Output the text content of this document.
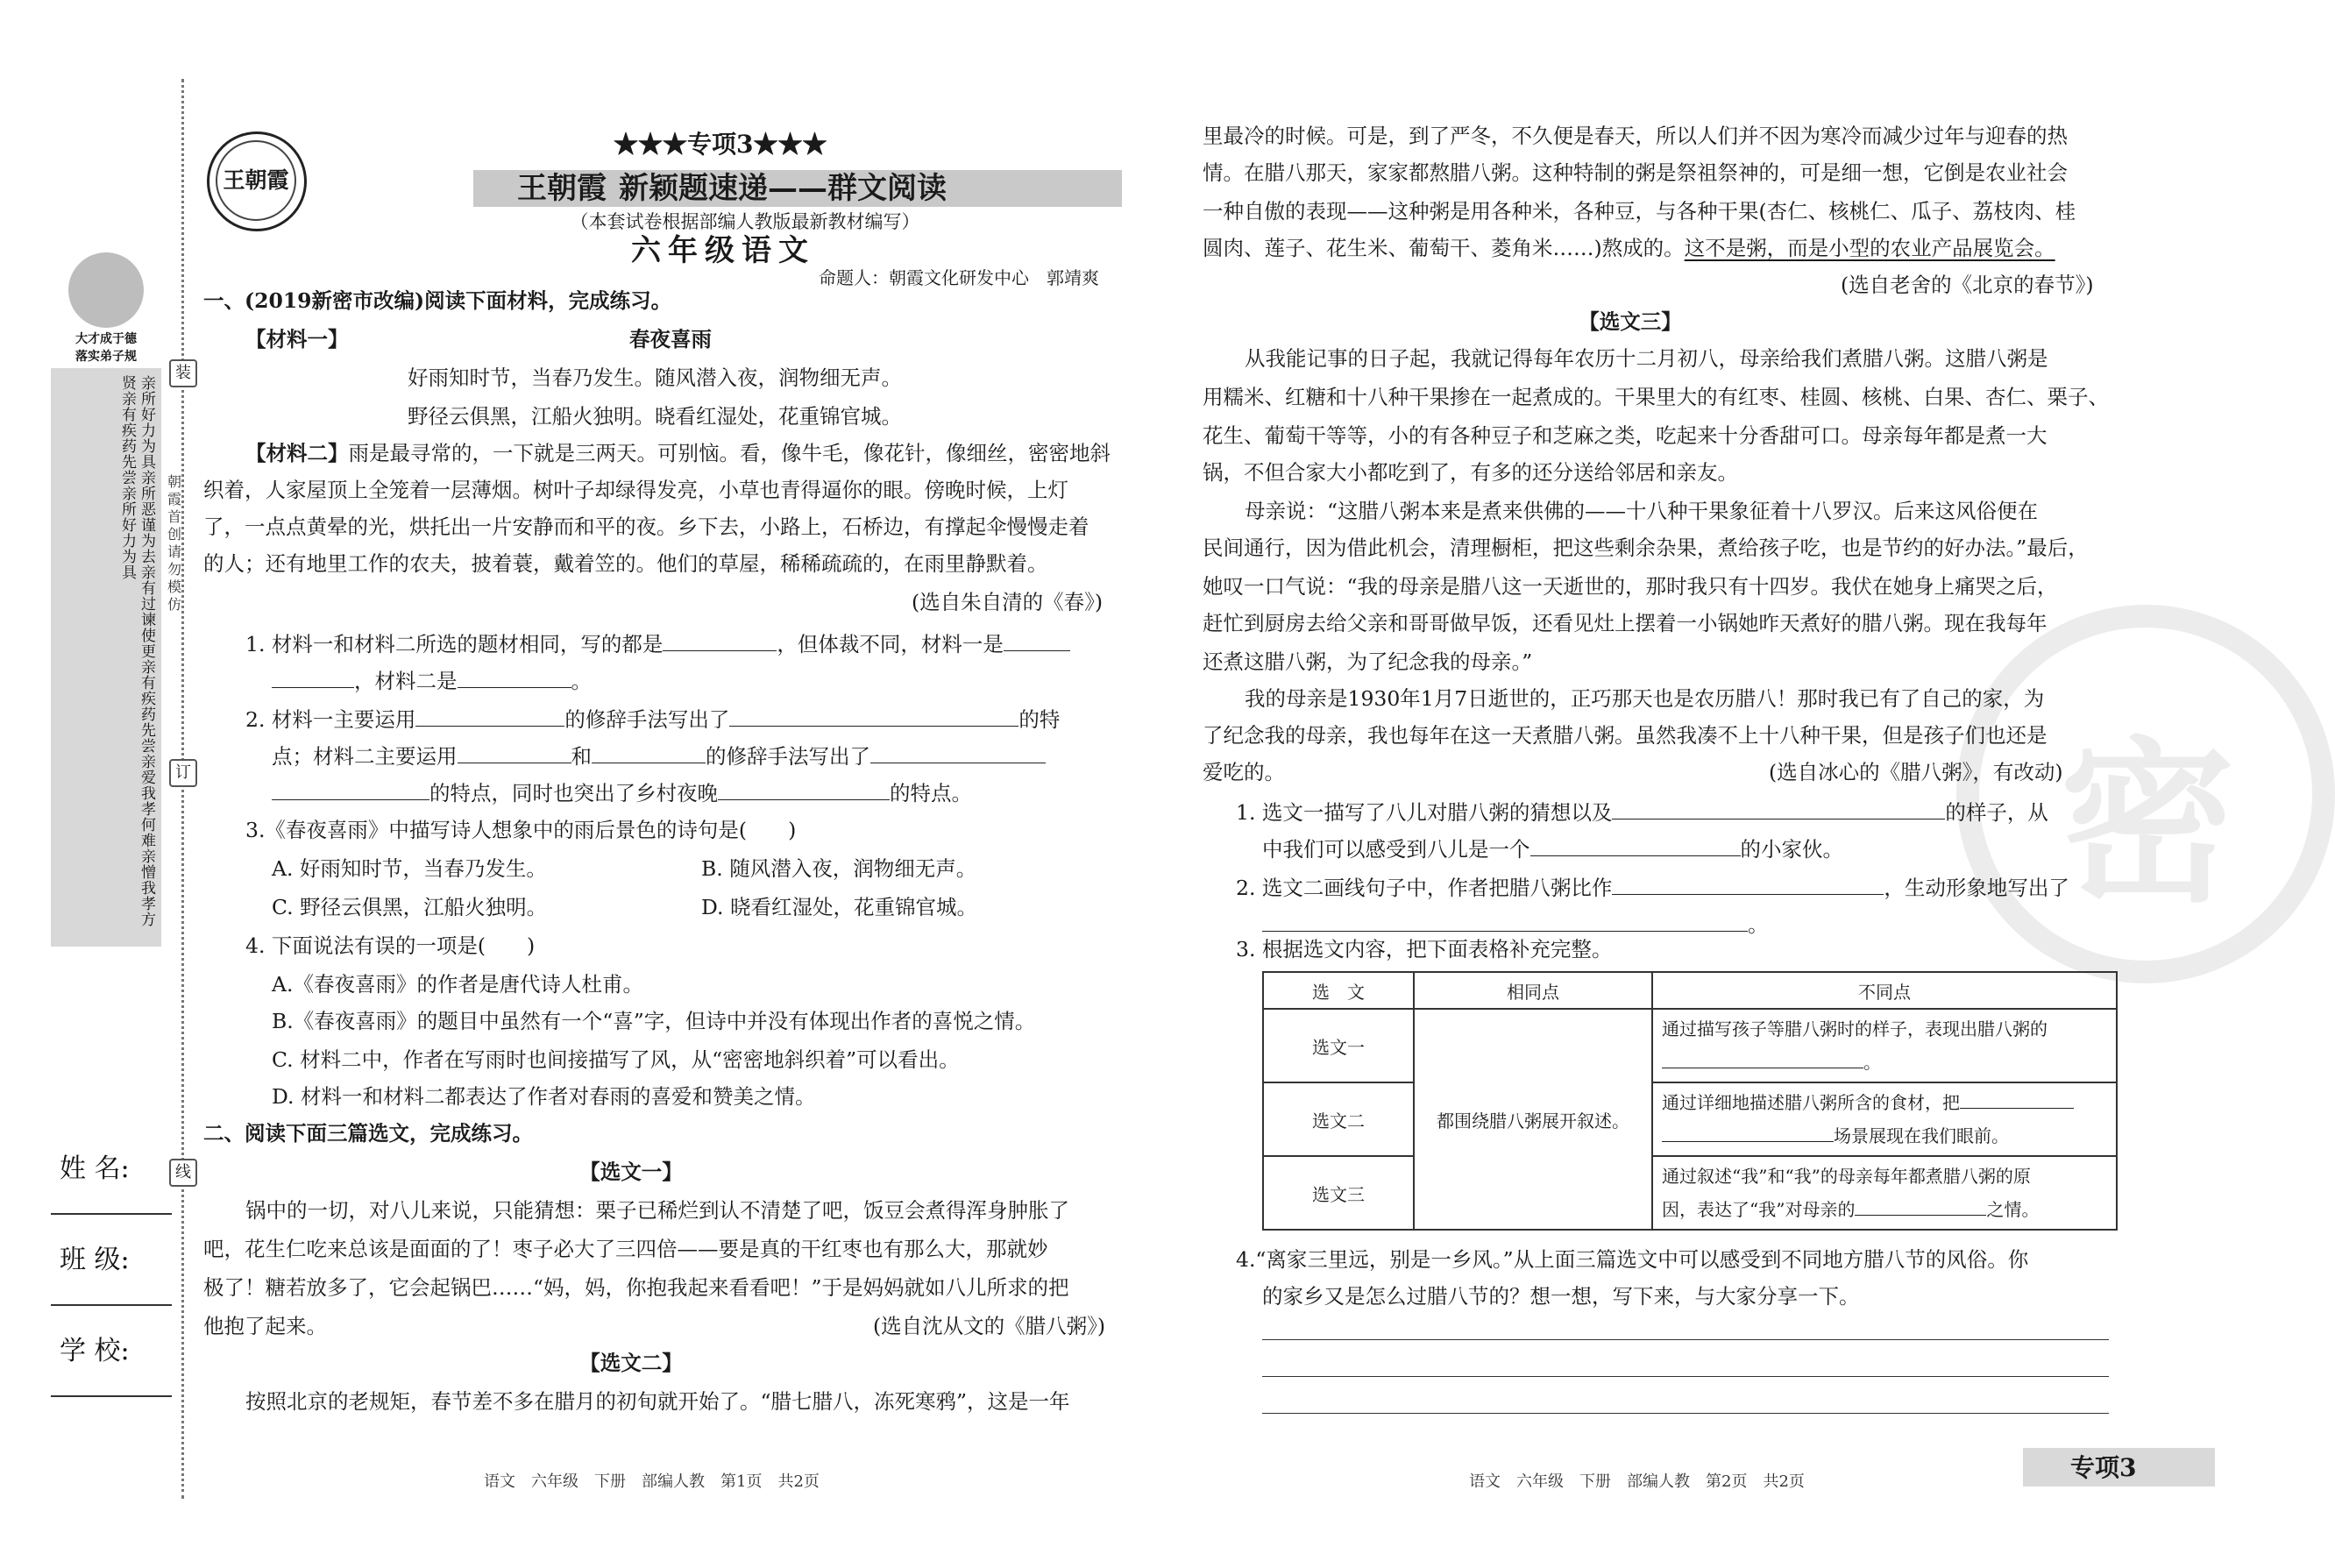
密
装
订
线
朝霞首创 请勿模仿
大才成于德
落实弟子规
亲所好力为具亲所恶谨为去亲有过谏使更亲有疾药先尝亲爱我孝何难亲憎我孝方贤亲有疾药先尝亲所好力为具
姓 名:
班 级:
学 校:
王朝霞
★★★专项3★★★
王朝霞 新颖题速递——群文阅读
（本套试卷根据部编人教版最新教材编写）
六年级语文
命题人：朝霞文化研发中心　郭靖爽
一、(2019新密市改编)阅读下面材料，完成练习。
【材料一】	春夜喜雨
好雨知时节，当春乃发生。随风潜入夜，润物细无声。
野径云俱黑，江船火独明。晓看红湿处，花重锦官城。
【材料二】雨是最寻常的，一下就是三两天。可别恼。看，像牛毛，像花针，像细丝，密密地斜
织着，人家屋顶上全笼着一层薄烟。树叶子却绿得发亮，小草也青得逼你的眼。傍晚时候，上灯
了，一点点黄晕的光，烘托出一片安静而和平的夜。乡下去，小路上，石桥边，有撑起伞慢慢走着
的人；还有地里工作的农夫，披着蓑，戴着笠的。他们的草屋，稀稀疏疏的，在雨里静默着。
(选自朱自清的《春》)
1. 材料一和材料二所选的题材相同，写的都是	，但体裁不同，材料一是
，材料二是	。
2. 材料一主要运用	的修辞手法写出了	的特
点；材料二主要运用	和	的修辞手法写出了
的特点，同时也突出了乡村夜晚	的特点。
3.《春夜喜雨》中描写诗人想象中的雨后景色的诗句是(　　)
A. 好雨知时节，当春乃发生。	B. 随风潜入夜，润物细无声。
C. 野径云俱黑，江船火独明。	D. 晓看红湿处，花重锦官城。
4. 下面说法有误的一项是(　　)
A.《春夜喜雨》的作者是唐代诗人杜甫。
B.《春夜喜雨》的题目中虽然有一个“喜”字，但诗中并没有体现出作者的喜悦之情。
C. 材料二中，作者在写雨时也间接描写了风，从“密密地斜织着”可以看出。
D. 材料一和材料二都表达了作者对春雨的喜爱和赞美之情。
二、阅读下面三篇选文，完成练习。
【选文一】
锅中的一切，对八儿来说，只能猜想：栗子已稀烂到认不清楚了吧，饭豆会煮得浑身肿胀了
吧，花生仁吃来总该是面面的了！枣子必大了三四倍——要是真的干红枣也有那么大，那就妙
极了！糖若放多了，它会起锅巴……“妈，妈，你抱我起来看看吧！”于是妈妈就如八儿所求的把
他抱了起来。	(选自沈从文的《腊八粥》)
【选文二】
按照北京的老规矩，春节差不多在腊月的初旬就开始了。“腊七腊八，冻死寒鸦”，这是一年
语文　六年级　下册　部编人教　第1页　共2页
里最冷的时候。可是，到了严冬，不久便是春天，所以人们并不因为寒冷而减少过年与迎春的热
情。在腊八那天，家家都熬腊八粥。这种特制的粥是祭祖祭神的，可是细一想，它倒是农业社会
一种自傲的表现——这种粥是用各种米，各种豆，与各种干果(杏仁、核桃仁、瓜子、荔枝肉、桂
圆肉、莲子、花生米、葡萄干、菱角米……)熬成的。这不是粥，而是小型的农业产品展览会。
(选自老舍的《北京的春节》)
【选文三】
从我能记事的日子起，我就记得每年农历十二月初八，母亲给我们煮腊八粥。这腊八粥是
用糯米、红糖和十八种干果掺在一起煮成的。干果里大的有红枣、桂圆、核桃、白果、杏仁、栗子、
花生、葡萄干等等，小的有各种豆子和芝麻之类，吃起来十分香甜可口。母亲每年都是煮一大
锅，不但合家大小都吃到了，有多的还分送给邻居和亲友。
母亲说：“这腊八粥本来是煮来供佛的——十八种干果象征着十八罗汉。后来这风俗便在
民间通行，因为借此机会，清理橱柜，把这些剩余杂果，煮给孩子吃，也是节约的好办法。”最后，
她叹一口气说：“我的母亲是腊八这一天逝世的，那时我只有十四岁。我伏在她身上痛哭之后，
赶忙到厨房去给父亲和哥哥做早饭，还看见灶上摆着一小锅她昨天煮好的腊八粥。现在我每年
还煮这腊八粥，为了纪念我的母亲。”
我的母亲是1930年1月7日逝世的，正巧那天也是农历腊八！那时我已有了自己的家，为
了纪念我的母亲，我也每年在这一天煮腊八粥。虽然我凑不上十八种干果，但是孩子们也还是
爱吃的。	(选自冰心的《腊八粥》，有改动)
1. 选文一描写了八儿对腊八粥的猜想以及	的样子，从
中我们可以感受到八儿是一个	的小家伙。
2. 选文二画线句子中，作者把腊八粥比作	，生动形象地写出了
。
3. 根据选文内容，把下面表格补充完整。
选　文	相同点	不同点
选文一	都围绕腊八粥展开叙述。	通过描写孩子等腊八粥时的样子，表现出腊八粥的
。
选文二		通过详细地描述腊八粥所含的食材，把
场景展现在我们眼前。
选文三		通过叙述“我”和“我”的母亲每年都煮腊八粥的原
因，表达了“我”对母亲的 之情。
4.“离家三里远，别是一乡风。”从上面三篇选文中可以感受到不同地方腊八节的风俗。你
的家乡又是怎么过腊八节的？想一想，写下来，与大家分享一下。
语文　六年级　下册　部编人教　第2页　共2页	专项3
